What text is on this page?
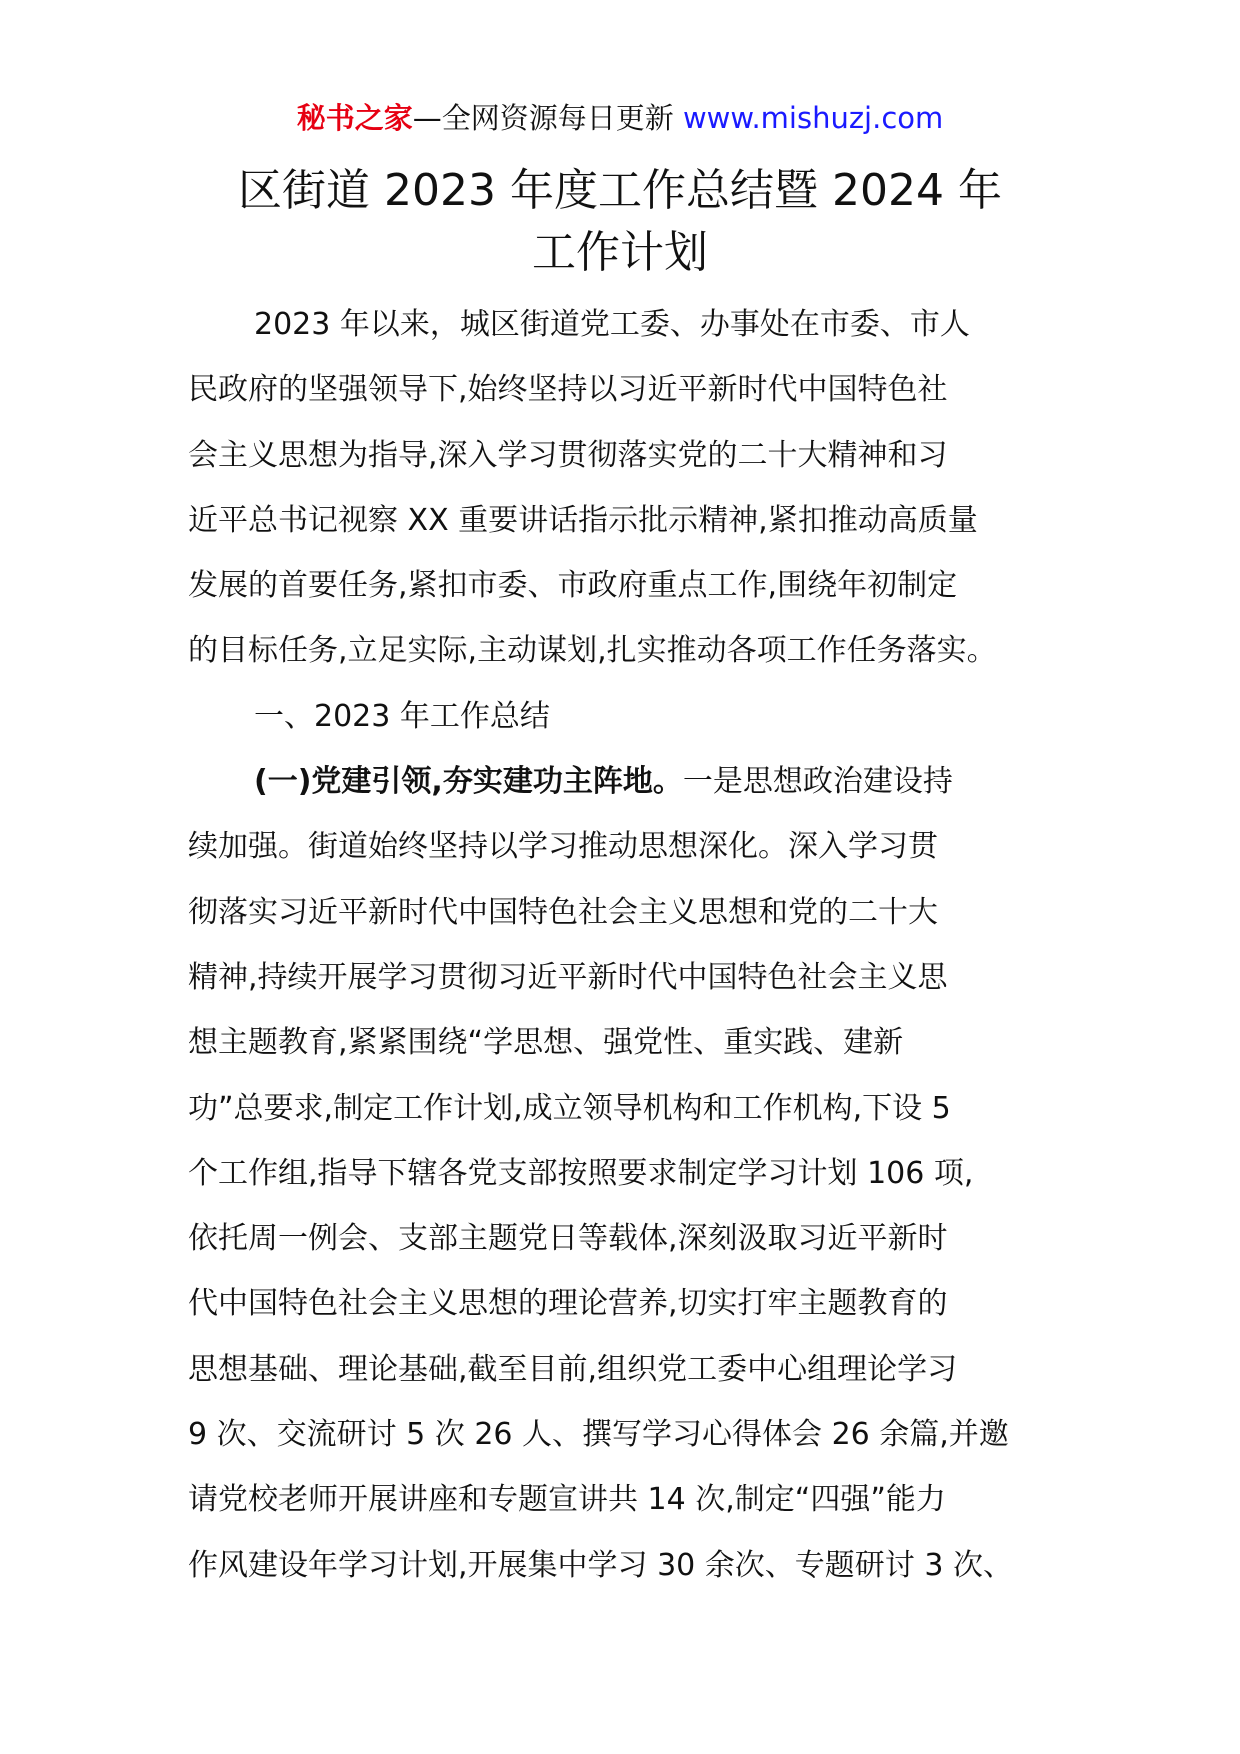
秘书之家—全网资源每日更新 www.mishuzj.com
区街道 2023 年度工作总结暨 2024 年
工作计划

2023 年以来，城区街道党工委、办事处在市委、市人
民政府的坚强领导下,始终坚持以习近平新时代中国特色社
会主义思想为指导,深入学习贯彻落实党的二十大精神和习
近平总书记视察 XX 重要讲话指示批示精神,紧扣推动高质量
发展的首要任务,紧扣市委、市政府重点工作,围绕年初制定
的目标任务,立足实际,主动谋划,扎实推动各项工作任务落实。

一、2023 年工作总结

(一)党建引领,夯实建功主阵地。一是思想政治建设持
续加强。街道始终坚持以学习推动思想深化。深入学习贯
彻落实习近平新时代中国特色社会主义思想和党的二十大
精神,持续开展学习贯彻习近平新时代中国特色社会主义思
想主题教育,紧紧围绕“学思想、强党性、重实践、建新
功”总要求,制定工作计划,成立领导机构和工作机构,下设 5
个工作组,指导下辖各党支部按照要求制定学习计划 106 项,
依托周一例会、支部主题党日等载体,深刻汲取习近平新时
代中国特色社会主义思想的理论营养,切实打牢主题教育的
思想基础、理论基础,截至目前,组织党工委中心组理论学习
9 次、交流研讨 5 次 26 人、撰写学习心得体会 26 余篇,并邀
请党校老师开展讲座和专题宣讲共 14 次,制定“四强”能力
作风建设年学习计划,开展集中学习 30 余次、专题研讨 3 次、
